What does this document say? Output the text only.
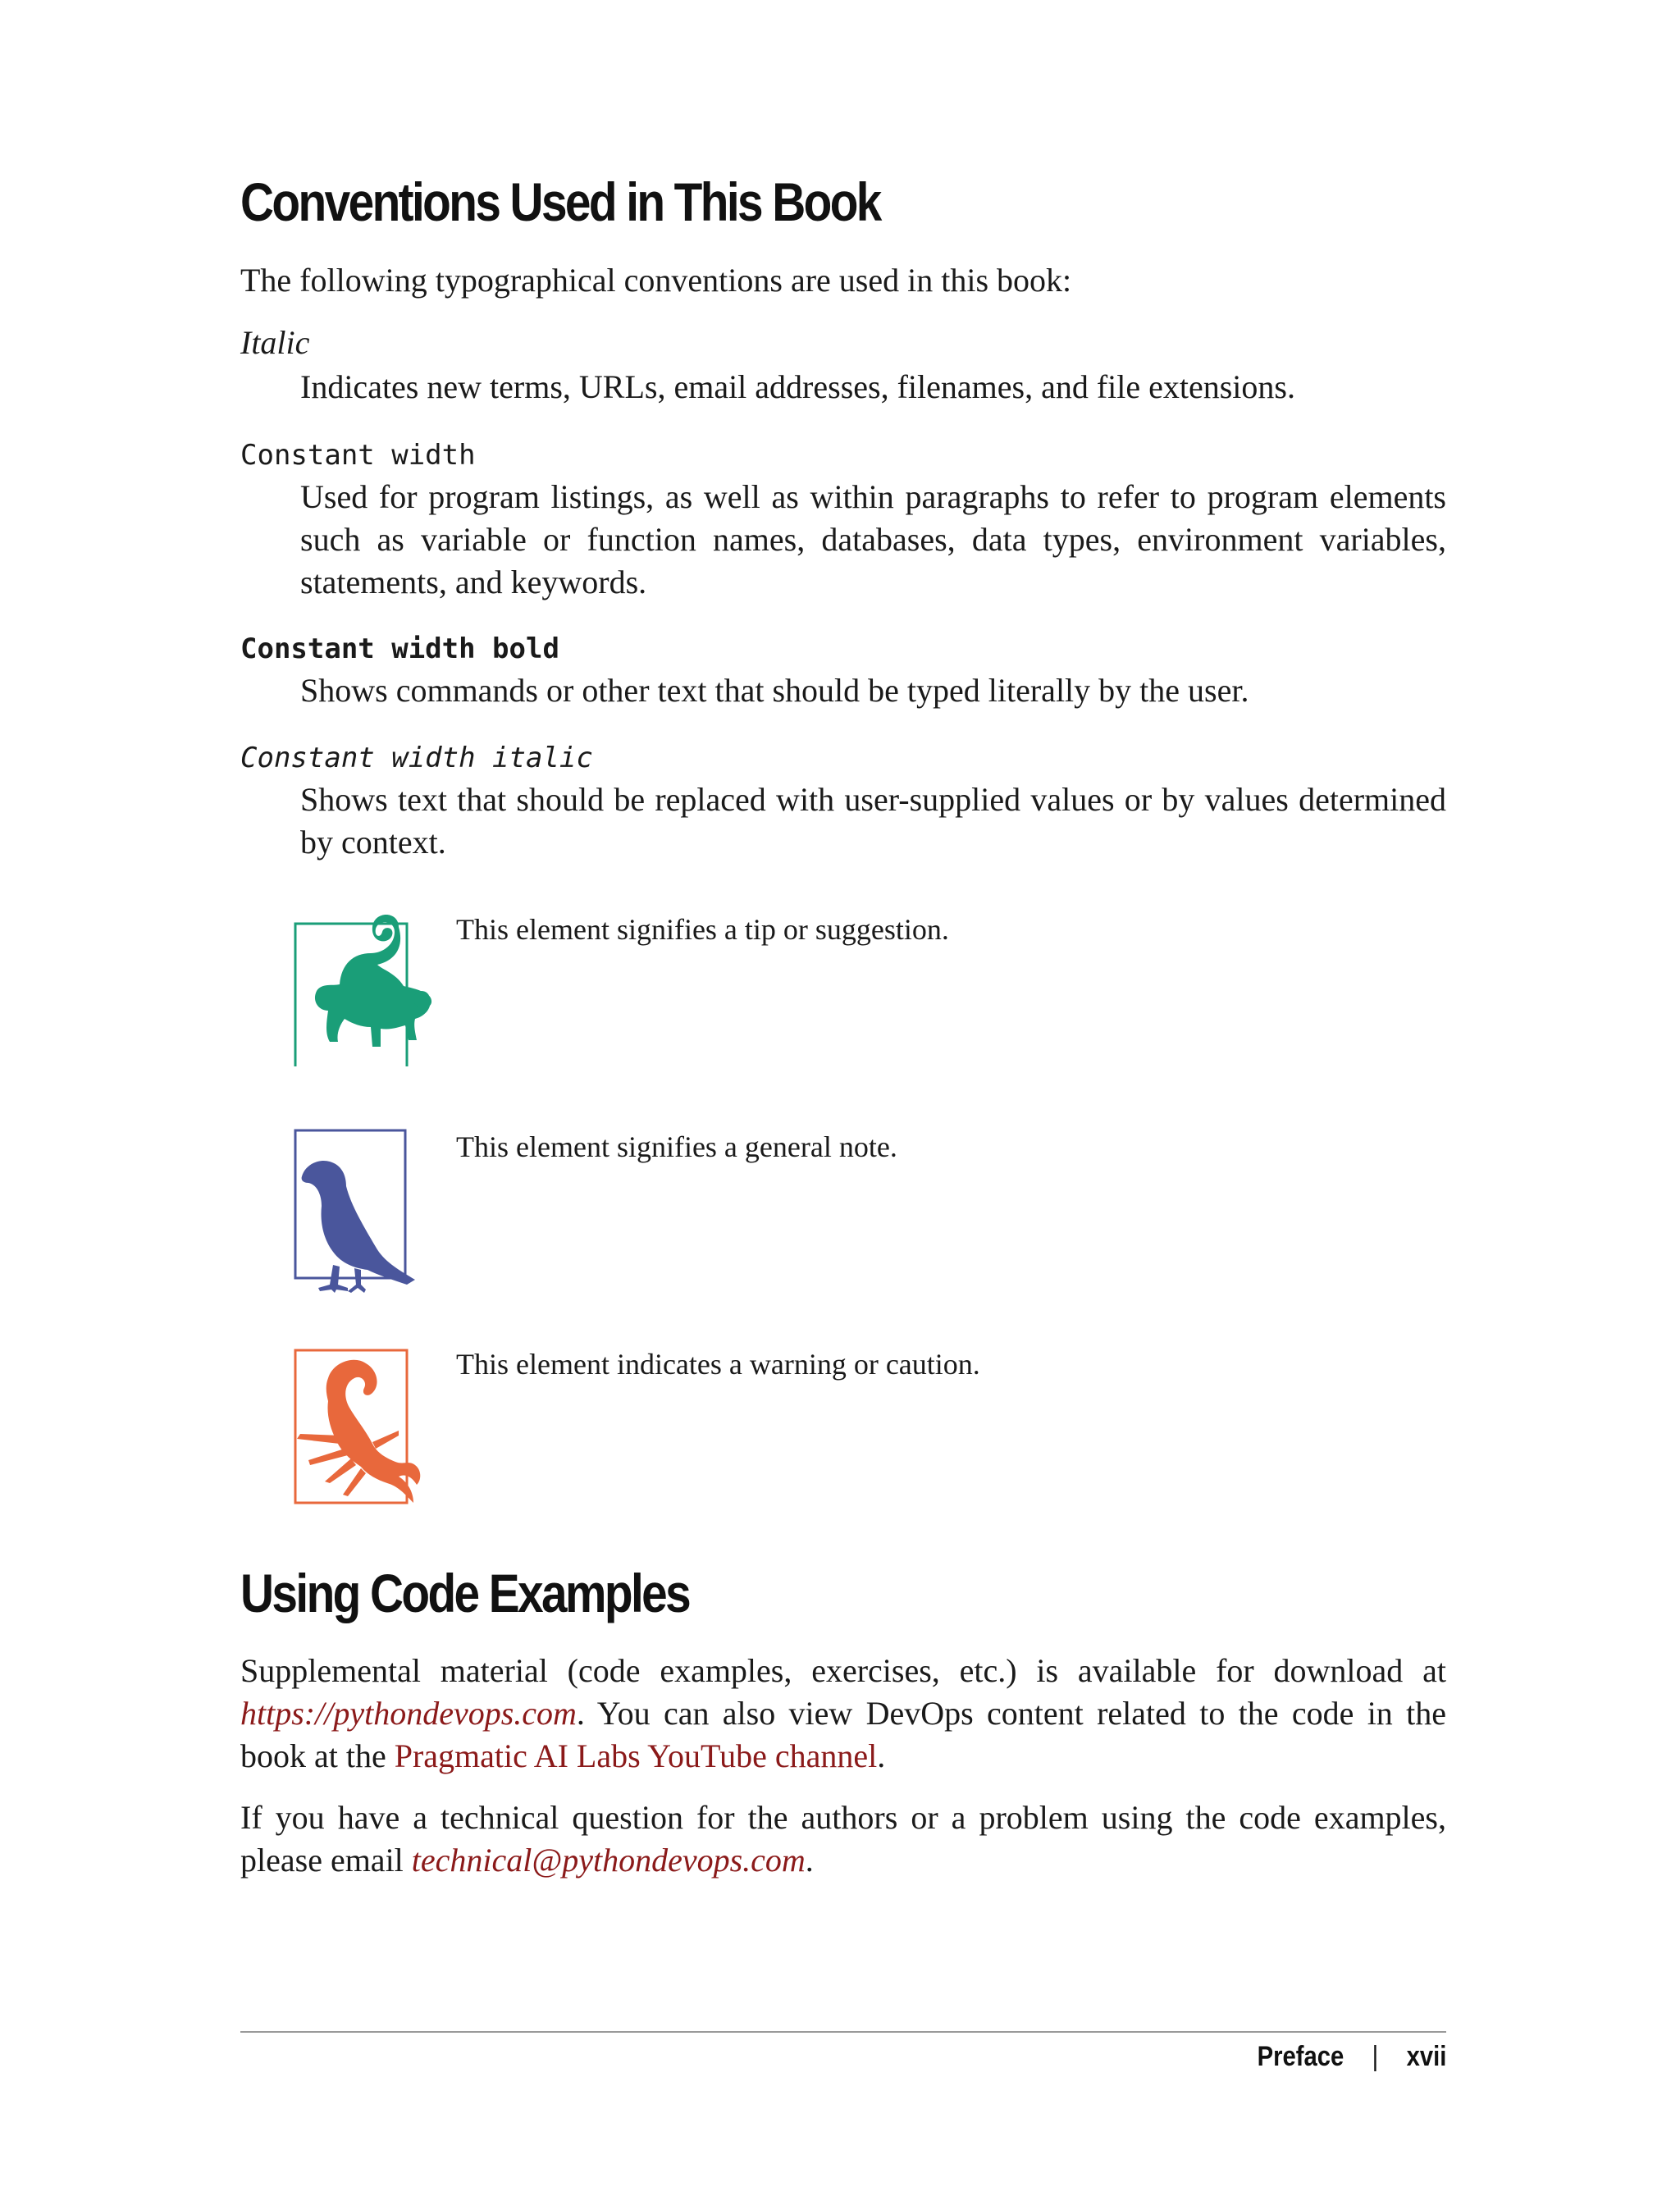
Conventions Used in This Book
The following typographical conventions are used in this book:
Italic
Indicates new terms, URLs, email addresses, filenames, and file extensions.
Constant width
Used for program listings, as well as within paragraphs to refer to program elements such as variable or function names, databases, data types, environment variables, statements, and keywords.
Constant width bold
Shows commands or other text that should be typed literally by the user.
Constant width italic
Shows text that should be replaced with user-supplied values or by values determined by context.
This element signifies a tip or suggestion.
This element signifies a general note.
This element indicates a warning or caution.
Using Code Examples
Supplemental material (code examples, exercises, etc.) is available for download at https://pythondevops.com. You can also view DevOps content related to the code in the book at the Pragmatic AI Labs YouTube channel.
If you have a technical question for the authors or a problem using the code examples, please email technical@pythondevops.com.
Preface | xvii
